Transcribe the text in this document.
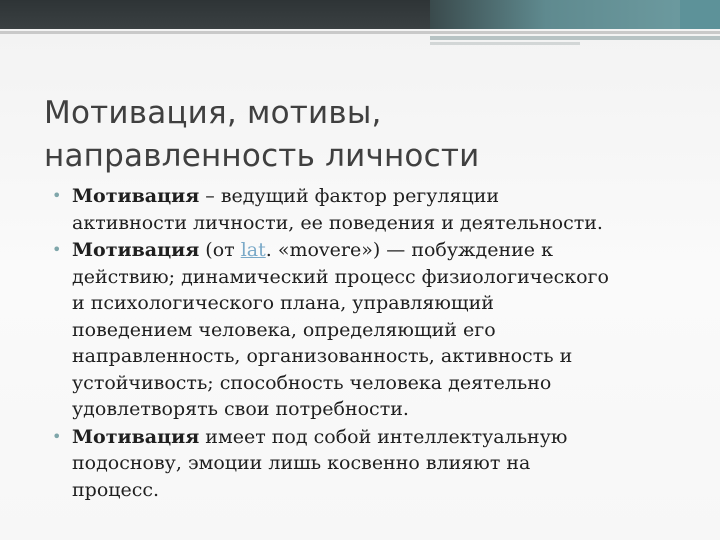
Мотивация, мотивы,
направленность личности
• Мотивация – ведущий фактор регуляции
активности личности, ее поведения и деятельности.
• Мотивация (от lat. «movere») — побуждение к
действию; динамический процесс физиологического
и психологического плана, управляющий
поведением человека, определяющий его
направленность, организованность, активность и
устойчивость; способность человека деятельно
удовлетворять свои потребности.
• Мотивация имеет под собой интеллектуальную
подоснову, эмоции лишь косвенно влияют на
процесс.
